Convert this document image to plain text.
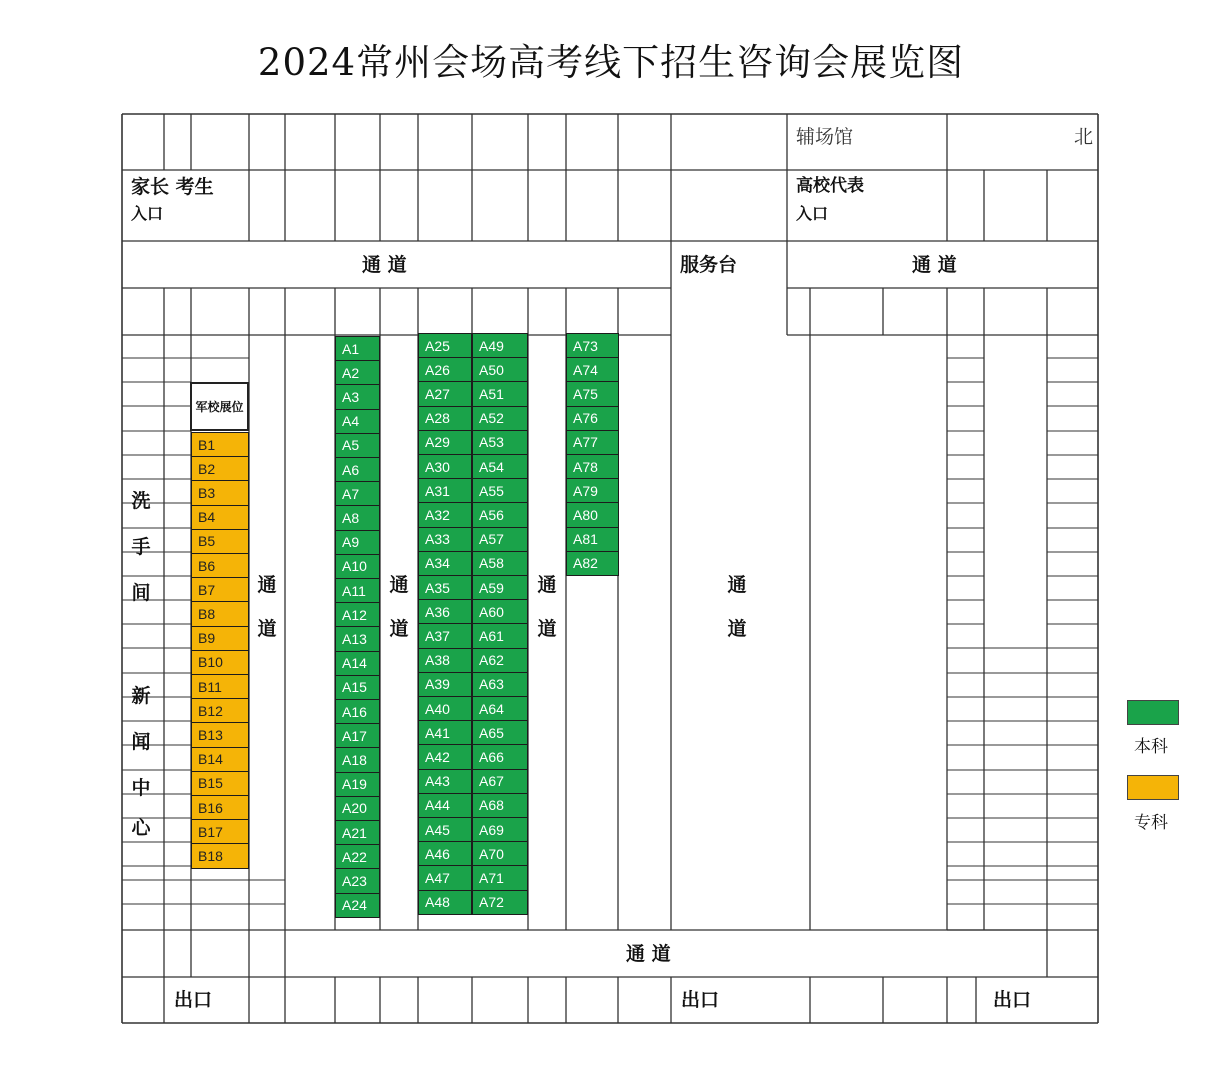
2024常州会场高考线下招生咨询会展览图
辅场馆	北
家长 考生
入口
高校代表
入口
通 道	服务台	通 道
通 道
出口	出口	出口
洗
手
间
新
闻
中
心
通
道
通
道
通
道
通
道
军校展位
A1
A2
A3
A4
A5
A6
A7
A8
A9
A10
A11
A12
A13
A14
A15
A16
A17
A18
A19
A20
A21
A22
A23
A24
A25
A26
A27
A28
A29
A30
A31
A32
A33
A34
A35
A36
A37
A38
A39
A40
A41
A42
A43
A44
A45
A46
A47
A48
A49
A50
A51
A52
A53
A54
A55
A56
A57
A58
A59
A60
A61
A62
A63
A64
A65
A66
A67
A68
A69
A70
A71
A72
A73
A74
A75
A76
A77
A78
A79
A80
A81
A82
B1
B2
B3
B4
B5
B6
B7
B8
B9
B10
B11
B12
B13
B14
B15
B16
B17
B18
本科
专科
